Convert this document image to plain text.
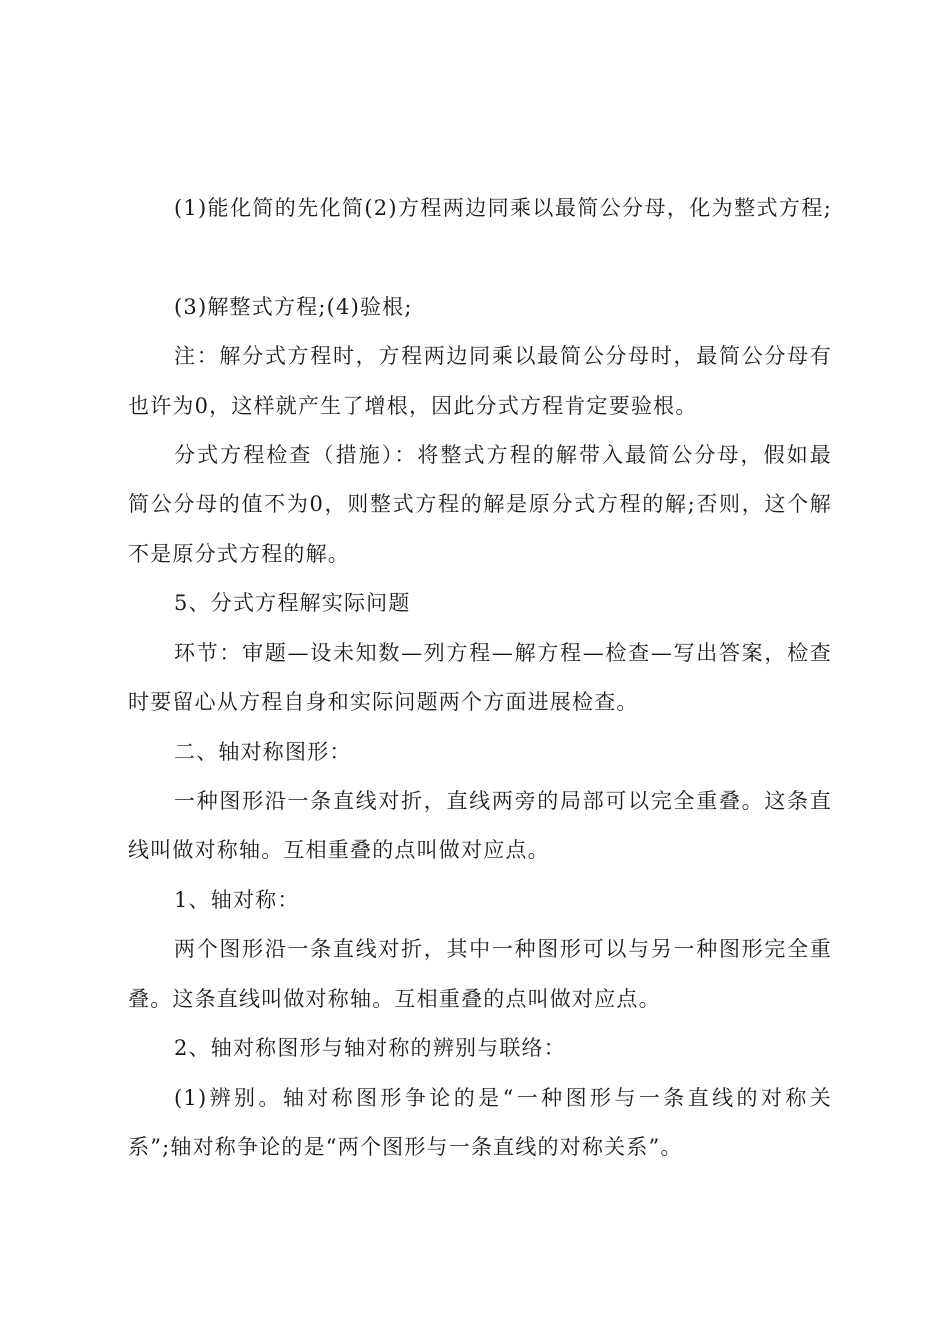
(1)能化简的先化简(2)方程两边同乘以最简公分母，化为整式方程;
(3)解整式方程;(4)验根;
注：解分式方程时，方程两边同乘以最简公分母时，最简公分母有
也许为0，这样就产生了增根，因此分式方程肯定要验根。
分式方程检查（措施）：将整式方程的解带入最简公分母，假如最
简公分母的值不为0，则整式方程的解是原分式方程的解;否则，这个解
不是原分式方程的解。
5、分式方程解实际问题
环节：审题—设未知数—列方程—解方程—检查—写出答案，检查
时要留心从方程自身和实际问题两个方面进展检查。
二、轴对称图形：
一种图形沿一条直线对折，直线两旁的局部可以完全重叠。这条直
线叫做对称轴。互相重叠的点叫做对应点。
1、轴对称：
两个图形沿一条直线对折，其中一种图形可以与另一种图形完全重
叠。这条直线叫做对称轴。互相重叠的点叫做对应点。
2、轴对称图形与轴对称的辨别与联络：
(1)辨别。轴对称图形争论的是“一种图形与一条直线的对称关
系”;轴对称争论的是“两个图形与一条直线的对称关系”。
